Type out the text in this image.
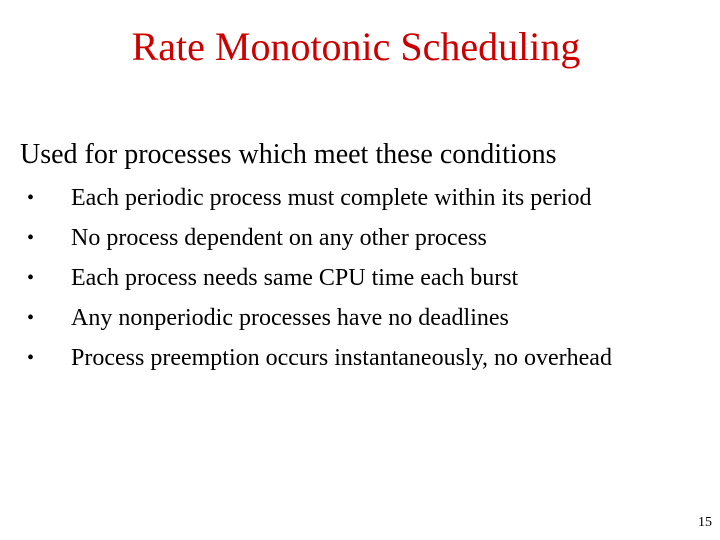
Rate Monotonic Scheduling
Used for processes which meet these conditions
• Each periodic process must complete within its period
• No process dependent on any other process
• Each process needs same CPU time each burst
• Any nonperiodic processes have no deadlines
• Process preemption occurs instantaneously, no overhead
15
